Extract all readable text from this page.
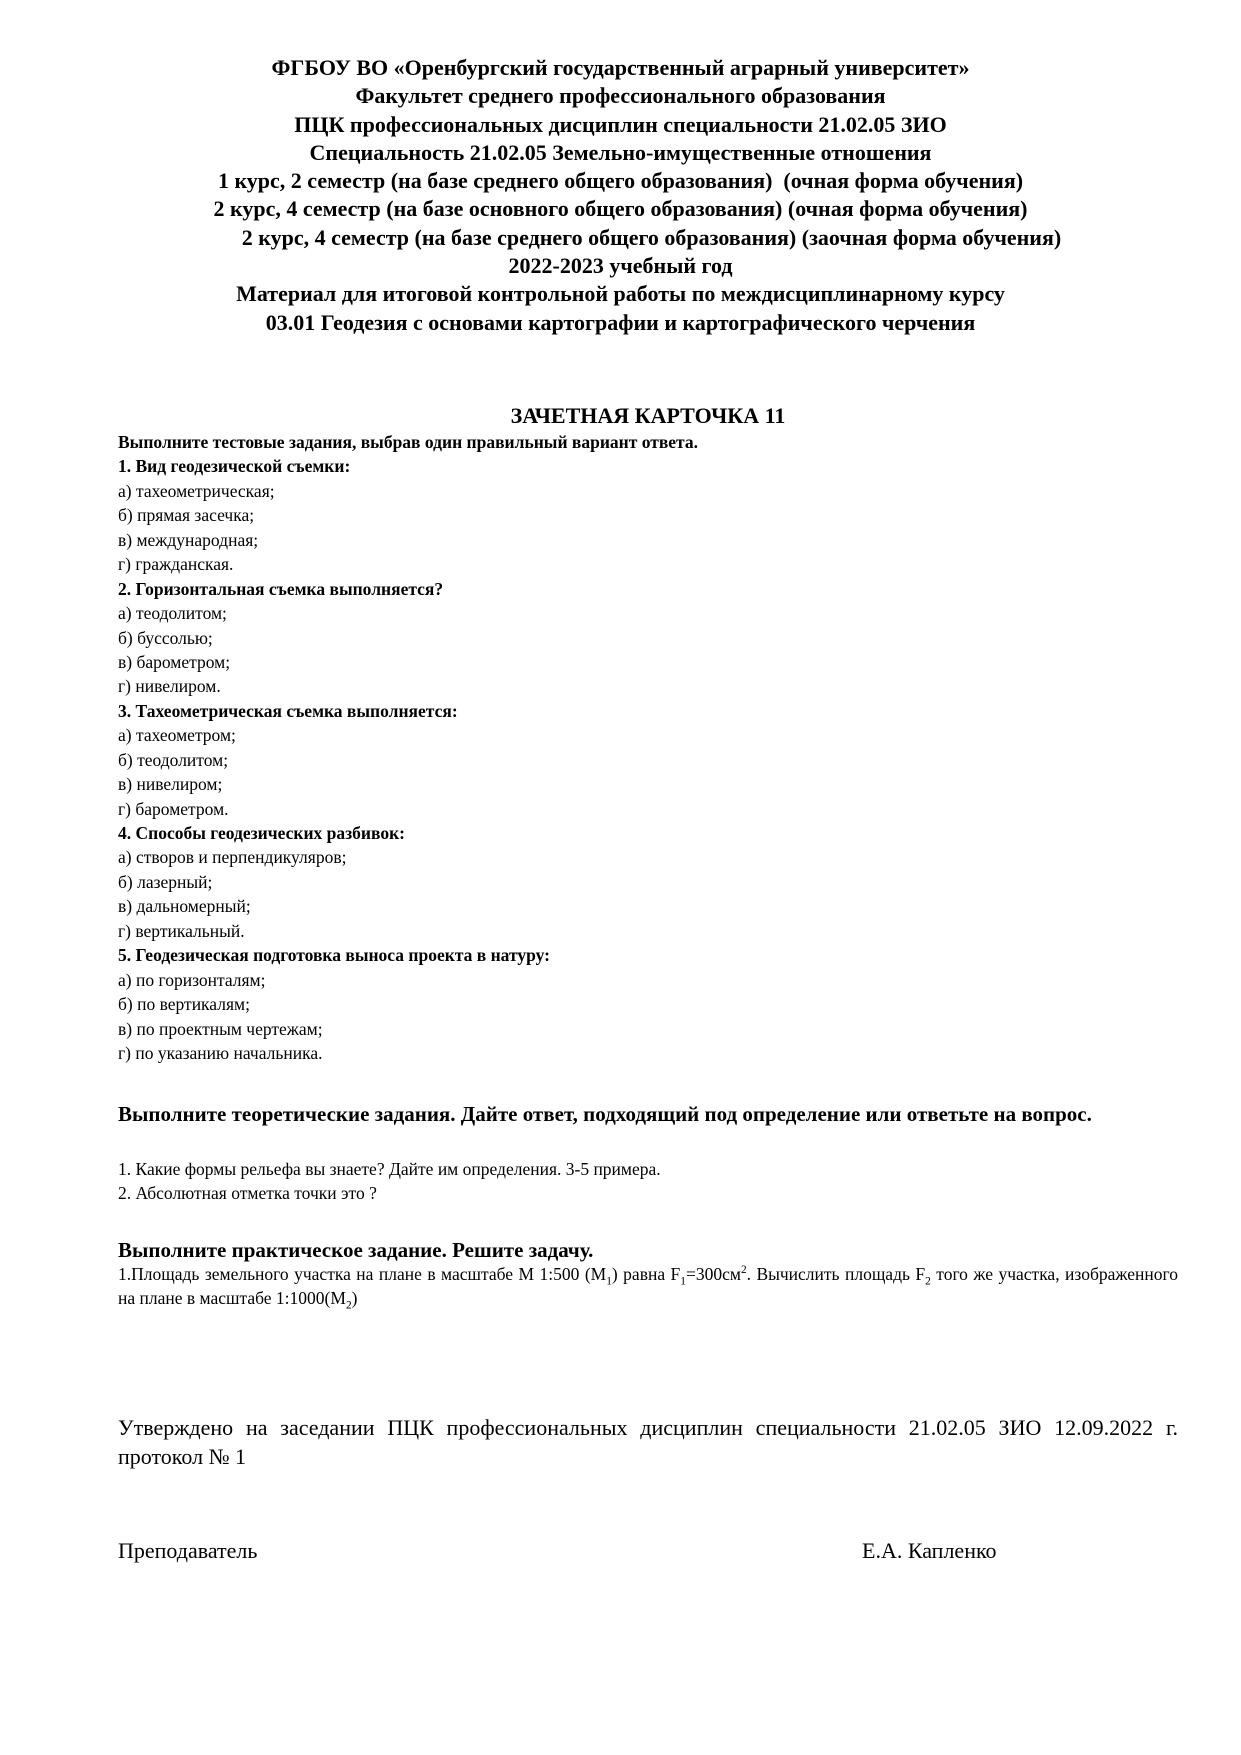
ФГБОУ ВО «Оренбургский государственный аграрный университет»
Факультет среднего профессионального образования
ПЦК профессиональных дисциплин специальности 21.02.05 ЗИО
Специальность 21.02.05 Земельно-имущественные отношения
1 курс, 2 семестр (на базе среднего общего образования)  (очная форма обучения)
2 курс, 4 семестр (на базе основного общего образования) (очная форма обучения)
2 курс, 4 семестр (на базе среднего общего образования) (заочная форма обучения)
2022-2023 учебный год
Материал для итоговой контрольной работы по междисциплинарному курсу
03.01 Геодезия с основами картографии и картографического черчения
ЗАЧЕТНАЯ КАРТОЧКА 11
Выполните тестовые задания, выбрав один правильный вариант ответа.
1. Вид геодезической съемки:
а) тахеометрическая;
б) прямая засечка;
в) международная;
г) гражданская.
2. Горизонтальная съемка выполняется?
а) теодолитом;
б) буссолью;
в) барометром;
г) нивелиром.
3. Тахеометрическая съемка выполняется:
а) тахеометром;
б) теодолитом;
в) нивелиром;
г) барометром.
4. Способы геодезических разбивок:
а) створов и перпендикуляров;
б) лазерный;
в) дальномерный;
г) вертикальный.
5. Геодезическая подготовка выноса проекта в натуру:
а) по горизонталям;
б) по вертикалям;
в) по проектным чертежам;
г) по указанию начальника.
Выполните теоретические задания. Дайте ответ, подходящий под определение или ответьте на вопрос.
1. Какие формы рельефа вы знаете? Дайте им определения. 3-5 примера.
2. Абсолютная отметка точки это ?
Выполните практическое задание. Решите задачу.
1.Площадь земельного участка на плане в масштабе М 1:500 $(М_1)$ равна $F_1=300см^2$. Вычислить площадь $F_2$ того же участка, изображенного на плане в масштабе $1:1000(М_2)$
Утверждено на заседании ПЦК профессиональных дисциплин специальности 21.02.05 ЗИО 12.09.2022 г. протокол № 1
Преподаватель	Е.А. Капленко
